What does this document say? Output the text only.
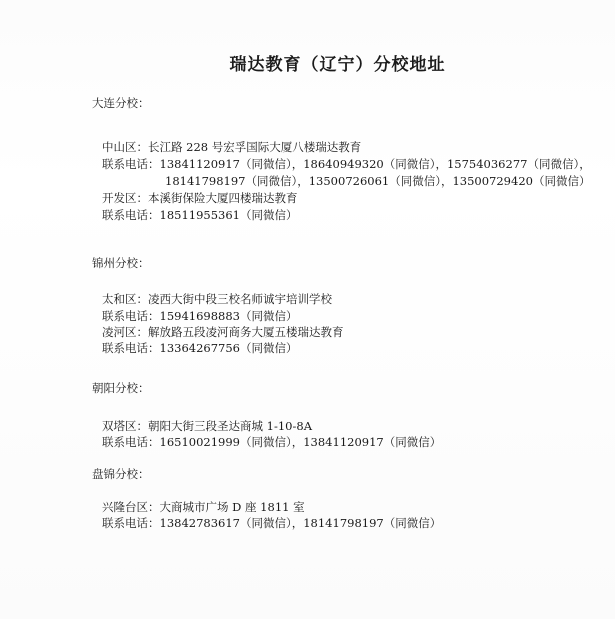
瑞达教育（辽宁）分校地址
大连分校：
中山区：长江路 228 号宏孚国际大厦八楼瑞达教育
联系电话：13841120917（同微信），18640949320（同微信），15754036277（同微信），
18141798197（同微信），13500726061（同微信），13500729420（同微信）
开发区：本溪街保险大厦四楼瑞达教育
联系电话：18511955361（同微信）
锦州分校：
太和区：凌西大街中段三校名师诚宇培训学校
联系电话：15941698883（同微信）
凌河区：解放路五段凌河商务大厦五楼瑞达教育
联系电话：13364267756（同微信）
朝阳分校：
双塔区：朝阳大街三段圣达商城 1-10-8A
联系电话：16510021999（同微信），13841120917（同微信）
盘锦分校：
兴隆台区：大商城市广场 D 座 1811 室
联系电话：13842783617（同微信），18141798197（同微信）
